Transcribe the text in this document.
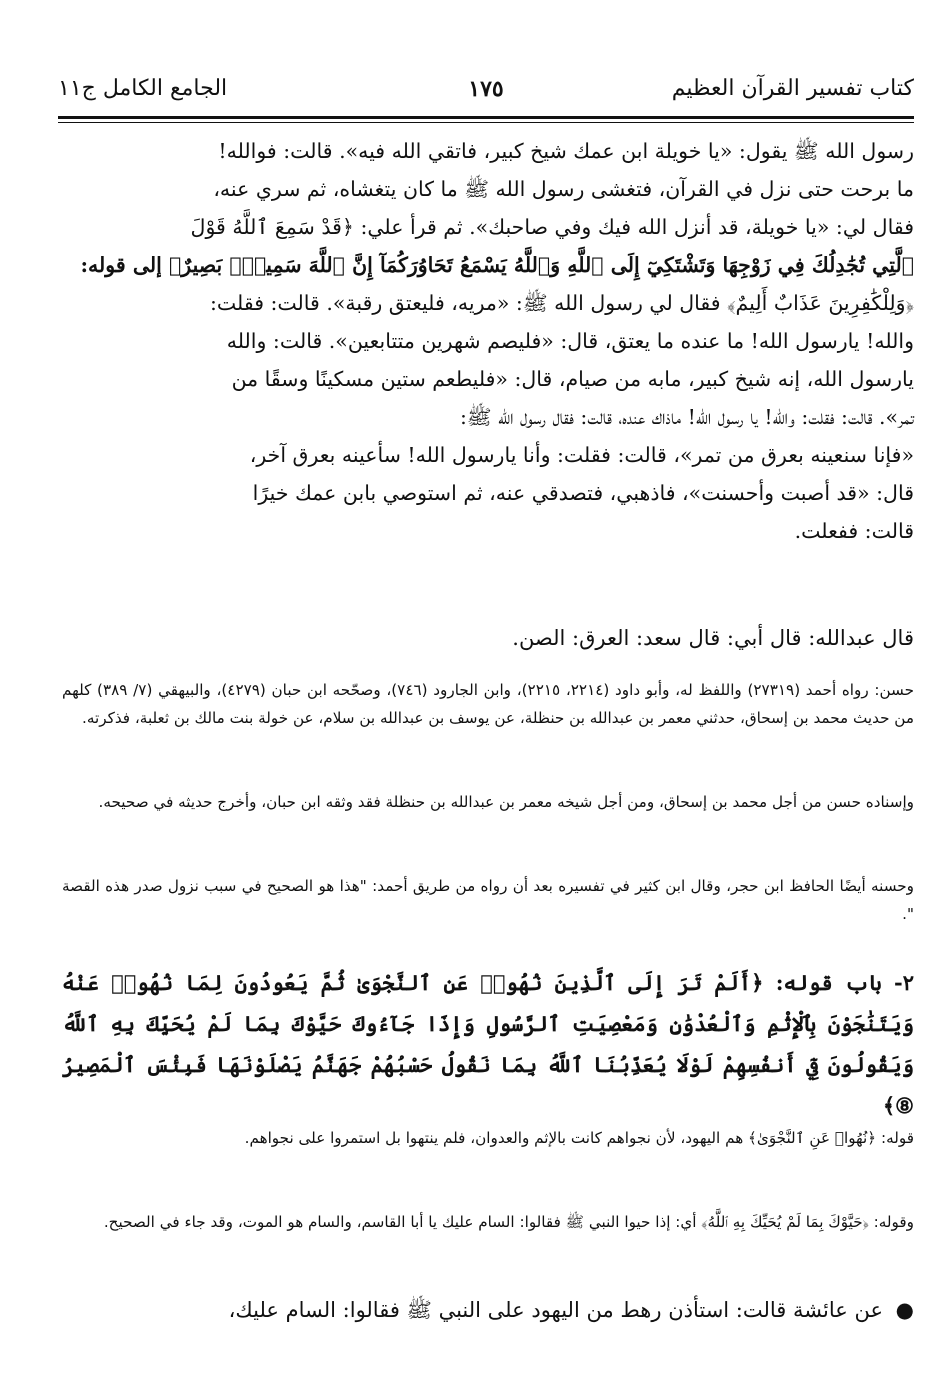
كتاب تفسير القرآن العظيم
١٧٥
الجامع الكامل ج١١

رسول الله ﷺ يقول: «يا خويلة ابن عمك شيخ كبير، فاتقي الله فيه». قالت: فوالله!

ما برحت حتى نزل في القرآن، فتغشى رسول الله ﷺ ما كان يتغشاه، ثم سري عنه،

فقال لي: «يا خويلة، قد أنزل الله فيك وفي صاحبك». ثم قرأ علي: ﴿قَدْ سَمِعَ ٱللَّهُ قَوْلَ

ٱلَّتِي تُجَٰدِلُكَ فِي زَوْجِهَا وَتَشْتَكِيٓ إِلَى ٱللَّهِ وَٱللَّهُ يَسْمَعُ تَحَاوُرَكُمَآ إِنَّ ٱللَّهَ سَمِيعٌۢ بَصِيرٌ﴾ إلى قوله:

﴿وَلِلْكَٰفِرِينَ عَذَابٌ أَلِيمٌ﴾ فقال لي رسول الله ﷺ: «مريه، فليعتق رقبة». قالت: فقلت:

والله! يارسول الله! ما عنده ما يعتق، قال: «فليصم شهرين متتابعين». قالت: والله

يارسول الله، إنه شيخ كبير، مابه من صيام، قال: «فليطعم ستين مسكينًا وسقًا من

تمر». قالت: فقلت: والله! يا رسول الله! ماذاك عنده، قالت: فقال رسول الله ﷺ:

«فإنا سنعينه بعرق من تمر»، قالت: فقلت: وأنا يارسول الله! سأعينه بعرق آخر،

قال: «قد أصبت وأحسنت»، فاذهبي، فتصدقي عنه، ثم استوصي بابن عمك خيرًا

قالت: ففعلت.

قال عبدالله: قال أبي: قال سعد: العرق: الصن.

حسن: رواه أحمد (٢٧٣١٩) واللفظ له، وأبو داود (٢٢١٤، ٢٢١٥)، وابن الجارود (٧٤٦)، وصحّحه ابن حبان (٤٢٧٩)، والبيهقي (٧/ ٣٨٩) كلهم من حديث محمد بن إسحاق، حدثني معمر بن عبدالله بن حنظلة، عن يوسف بن عبدالله بن سلام، عن خولة بنت مالك بن ثعلبة، فذكرته.

وإسناده حسن من أجل محمد بن إسحاق، ومن أجل شيخه معمر بن عبدالله بن حنظلة فقد وثقه ابن حبان، وأخرج حديثه في صحيحه.

وحسنه أيضًا الحافظ ابن حجر، وقال ابن كثير في تفسيره بعد أن رواه من طريق أحمد: "هذا هو الصحيح في سبب نزول صدر هذه القصة ".

٢- باب قوله: ﴿أَلَمْ تَرَ إِلَى ٱلَّذِينَ نُهُوا۟ عَنِ ٱلنَّجْوَىٰ ثُمَّ يَعُودُونَ لِمَا نُهُوا۟ عَنْهُ وَيَتَنَٰجَوْنَ بِٱلْإِثْمِ وَٱلْعُدْوَٰنِ وَمَعْصِيَتِ ٱلرَّسُولِ وَإِذَا جَآءُوكَ حَيَّوْكَ بِمَا لَمْ يُحَيِّكَ بِهِ ٱللَّهُ وَيَقُولُونَ فِيٓ أَنفُسِهِمْ لَوْلَا يُعَذِّبُنَا ٱللَّهُ بِمَا نَقُولُ حَسْبُهُمْ جَهَنَّمُ يَصْلَوْنَهَا فَبِئْسَ ٱلْمَصِيرُ ⑧﴾

قوله: ﴿نُهُوا۟ عَنِ ٱلنَّجْوَىٰ﴾ هم اليهود، لأن نجواهم كانت بالإثم والعدوان، فلم ينتهوا بل استمروا على نجواهم.

وقوله: ﴿حَيَّوْكَ بِمَا لَمْ يُحَيِّكَ بِهِ ٱللَّهُ﴾ أي: إذا حيوا النبي ﷺ فقالوا: السام عليك يا أبا القاسم، والسام هو الموت، وقد جاء في الصحيح.

● عن عائشة قالت: استأذن رهط من اليهود على النبي ﷺ فقالوا: السام عليك،
